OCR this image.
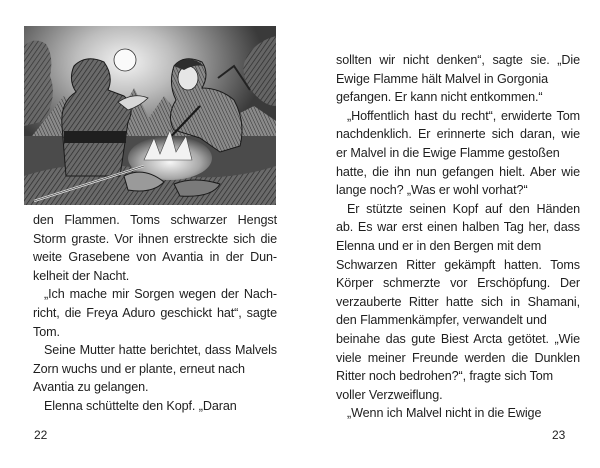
den Flammen. Toms schwarzer Hengst
Storm graste. Vor ihnen erstreckte sich die
weite Grasebene von Avantia in der Dun-
kelheit der Nacht.
„Ich mache mir Sorgen wegen der Nach-
richt, die Freya Aduro geschickt hat“, sagte
Tom.
Seine Mutter hatte berichtet, dass Malvels
Zorn wuchs und er plante, erneut nach
Avantia zu gelangen.
Elenna schüttelte den Kopf. „Daran
22
sollten wir nicht denken“, sagte sie. „Die
Ewige Flamme hält Malvel in Gorgonia
gefangen. Er kann nicht entkommen.“
„Hoffentlich hast du recht“, erwiderte Tom
nachdenklich. Er erinnerte sich daran, wie
er Malvel in die Ewige Flamme gestoßen
hatte, die ihn nun gefangen hielt. Aber wie
lange noch? „Was er wohl vorhat?“
Er stützte seinen Kopf auf den Händen
ab. Es war erst einen halben Tag her, dass
Elenna und er in den Bergen mit dem
Schwarzen Ritter gekämpft hatten. Toms
Körper schmerzte vor Erschöpfung. Der
verzauberte Ritter hatte sich in Shamani,
den Flammenkämpfer, verwandelt und
beinahe das gute Biest Arcta getötet. „Wie
viele meiner Freunde werden die Dunklen
Ritter noch bedrohen?“, fragte sich Tom
voller Verzweiflung.
„Wenn ich Malvel nicht in die Ewige
23
